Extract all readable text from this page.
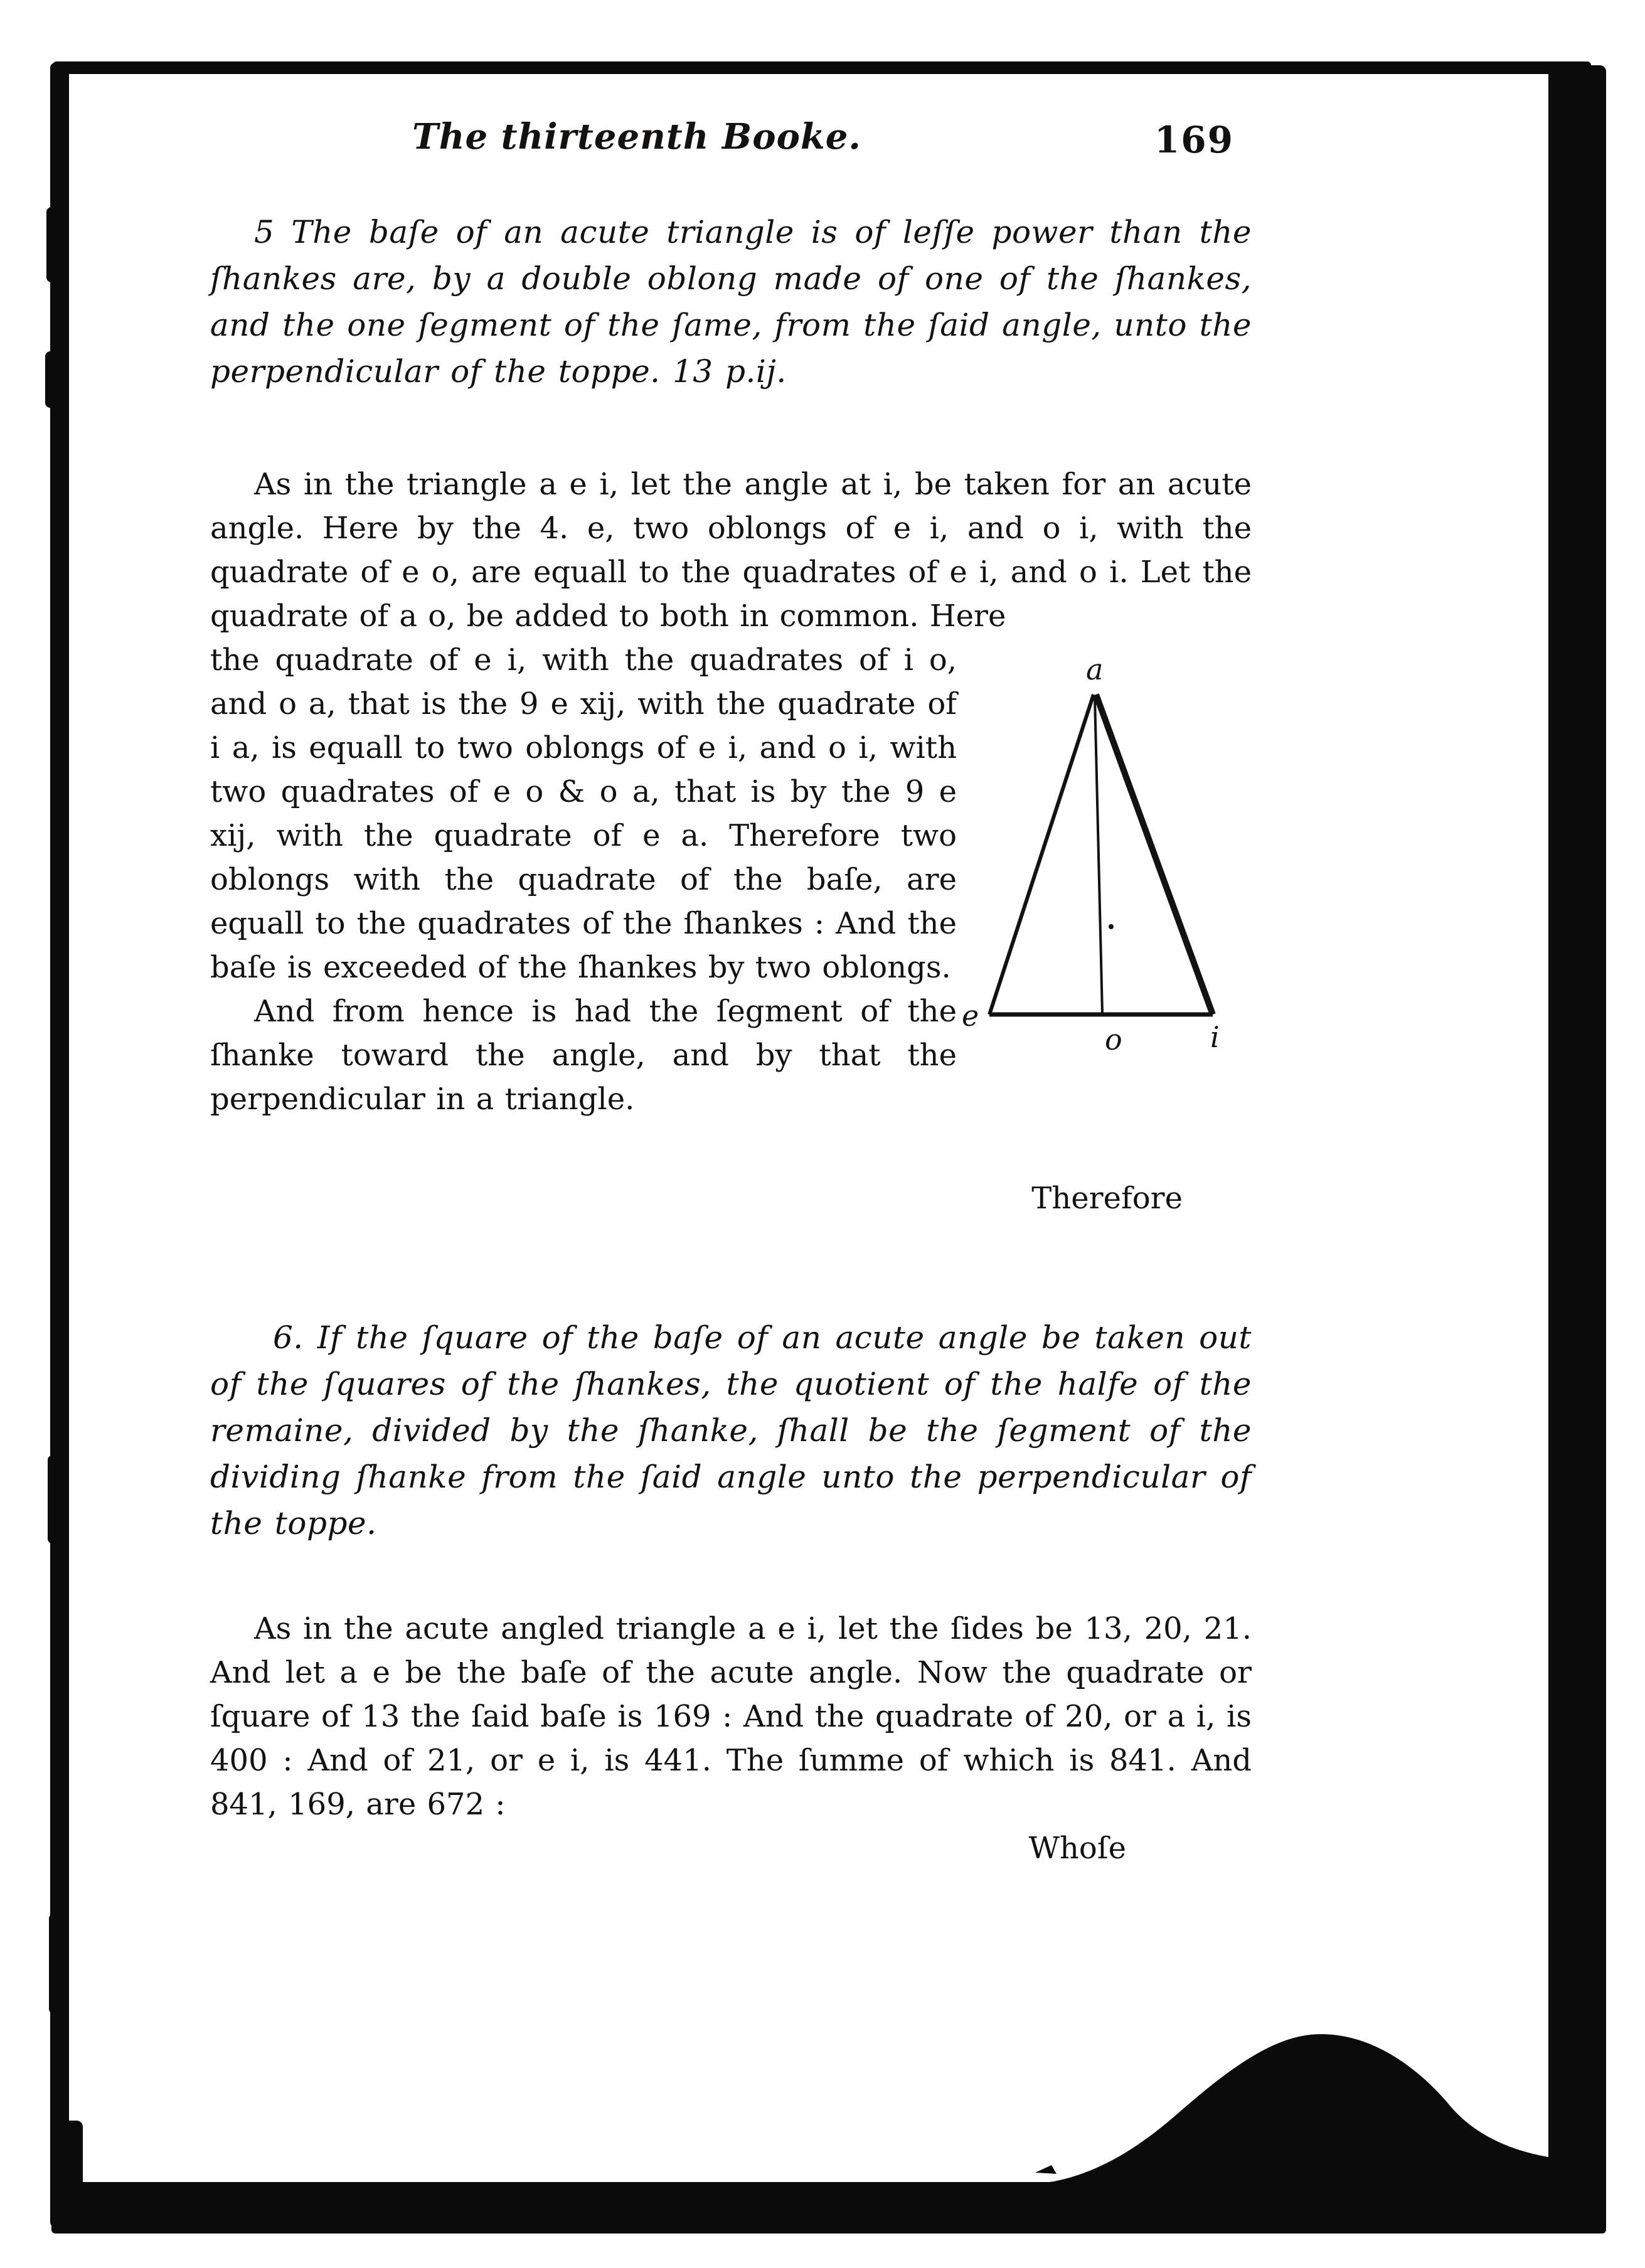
The thirteenth Booke.	169
5 The baſe of an acute triangle is of leſſe power than the ſhankes are, by a double oblong made of one of the ſhankes, and the one ſegment of the ſame, from the ſaid angle, unto the perpendicular of the toppe. 13 p.ij.
As in the triangle a e i, let the angle at i, be taken for an acute angle. Here by the 4. e, two oblongs of e i, and o i, with the quadrate of e o, are equall to the quadrates of e i, and o i. Let the quadrate of a o, be added to both in common. Here
the quadrate of e i, with the quadrates of i o, and o a, that is the 9 e xij, with the quadrate of i a, is equall to two oblongs of e i, and o i, with two quadrates of e o & o a, that is by the 9 e xij, with the quadrate of e a. Therefore two oblongs with the quadrate of the baſe, are equall to the quadrates of the ſhankes : And the baſe is exceeded of the ſhankes by two oblongs.
And from hence is had the ſegment of the ſhanke toward the angle, and by that the perpendicular in a triangle.
a
e
o	i
Therefore
6. If the ſquare of the baſe of an acute angle be taken out of the ſquares of the ſhankes, the quotient of the halfe of the remaine, divided by the ſhanke, ſhall be the ſegment of the dividing ſhanke from the ſaid angle unto the perpendicular of the toppe.
As in the acute angled triangle a e i, let the ſides be 13, 20, 21. And let a e be the baſe of the acute angle. Now the quadrate or ſquare of 13 the ſaid baſe is 169 : And the quadrate of 20, or a i, is 400 : And of 21, or e i, is 441. The ſumme of which is 841. And 841, 169, are 672 :
Whoſe
